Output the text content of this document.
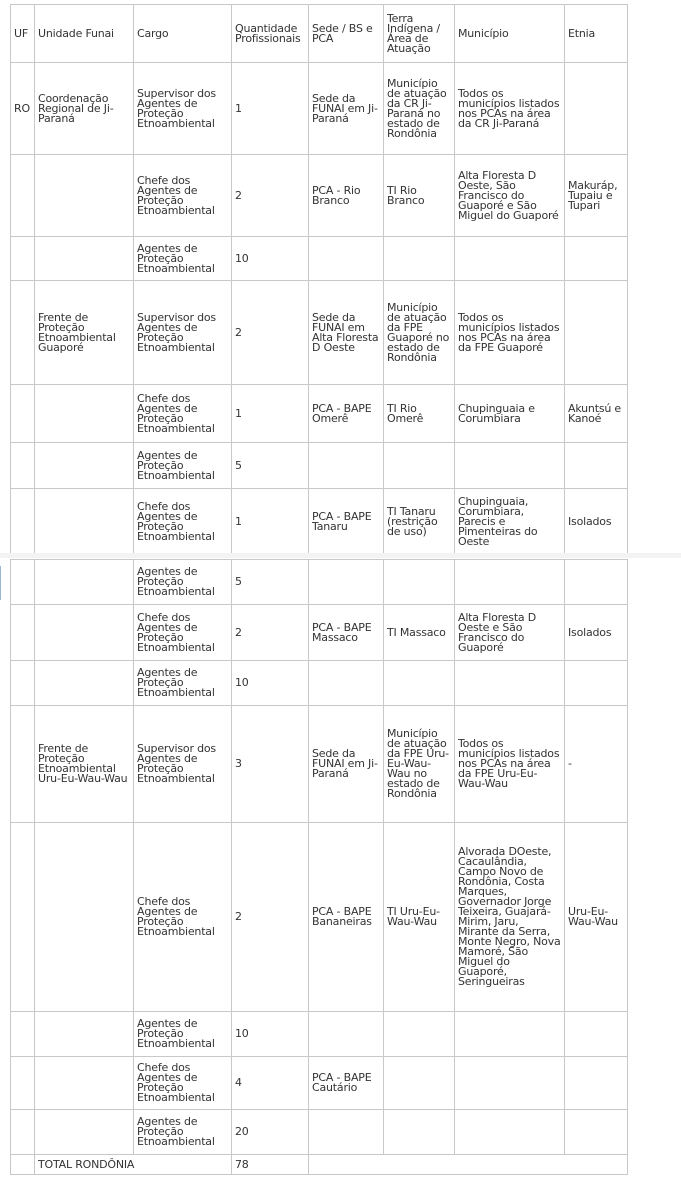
UF	Unidade Funai	Cargo	Quantidade Profissionais	Sede / BS e PCA	Terra Indígena / Área de Atuação	Município	Etnia
RO	Coordenação Regional de Ji-Paraná	Supervisor dos Agentes de Proteção Etnoambiental	1	Sede da FUNAI em Ji-Paraná	Município de atuação da CR Ji-Paraná no estado de Rondônia	Todos os municípios listados nos PCAs na área da CR Ji-Paraná	
		Chefe dos Agentes de Proteção Etnoambiental	2	PCA - Rio Branco	TI Rio Branco	Alta Floresta D Oeste, São Francisco do Guaporé e São Miguel do Guaporé	Makuráp, Tupaiu e Tupari
		Agentes de Proteção Etnoambiental	10				
	Frente de Proteção Etnoambiental Guaporé	Supervisor dos Agentes de Proteção Etnoambiental	2	Sede da FUNAI em Alta Floresta D Oeste	Município de atuação da FPE Guaporé no estado de Rondônia	Todos os municípios listados nos PCAs na área da FPE Guaporé	
		Chefe dos Agentes de Proteção Etnoambiental	1	PCA - BAPE Omerê	TI Rio Omerê	Chupinguaia e Corumbiara	Akuntsú e Kanoé
		Agentes de Proteção Etnoambiental	5				
		Chefe dos Agentes de Proteção Etnoambiental	1	PCA - BAPE Tanaru	TI Tanaru (restrição de uso)	Chupinguaia, Corumbiara, Parecis e Pimenteiras do Oeste	Isolados
		Agentes de Proteção Etnoambiental	5				
		Chefe dos Agentes de Proteção Etnoambiental	2	PCA - BAPE Massaco	TI Massaco	Alta Floresta D Oeste e São Francisco do Guaporé	Isolados
		Agentes de Proteção Etnoambiental	10				
	Frente de Proteção Etnoambiental Uru-Eu-Wau-Wau	Supervisor dos Agentes de Proteção Etnoambiental	3	Sede da FUNAI em Ji-Paraná	Município de atuação da FPE Uru-Eu-Wau-Wau no estado de Rondônia	Todos os municípios listados nos PCAs na área da FPE Uru-Eu-Wau-Wau	-
		Chefe dos Agentes de Proteção Etnoambiental	2	PCA - BAPE Bananeiras	TI Uru-Eu-Wau-Wau	Alvorada DOeste, Cacaulândia, Campo Novo de Rondônia, Costa Marques, Governador Jorge Teixeira, Guajará-Mirim, Jaru, Mirante da Serra, Monte Negro, Nova Mamoré, São Miguel do Guaporé, Seringueiras	Uru-Eu-Wau-Wau
		Agentes de Proteção Etnoambiental	10				
		Chefe dos Agentes de Proteção Etnoambiental	4	PCA - BAPE Cautário			
		Agentes de Proteção Etnoambiental	20				
	TOTAL RONDÔNIA		78				
